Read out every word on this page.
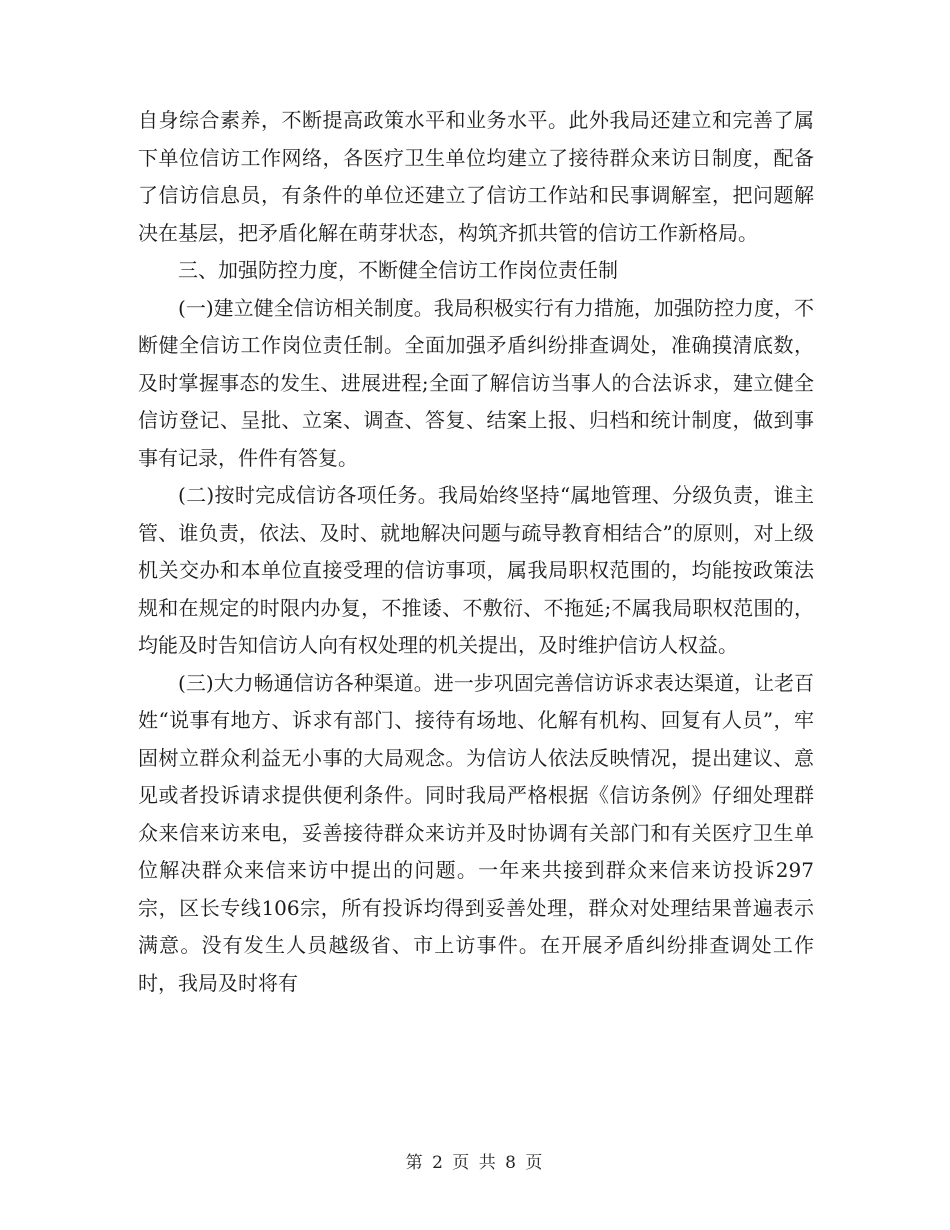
自身综合素养，不断提高政策水平和业务水平。此外我局还建立和完善了属下单位信访工作网络，各医疗卫生单位均建立了接待群众来访日制度，配备了信访信息员，有条件的单位还建立了信访工作站和民事调解室，把问题解决在基层，把矛盾化解在萌芽状态，构筑齐抓共管的信访工作新格局。

三、加强防控力度，不断健全信访工作岗位责任制

(一)建立健全信访相关制度。我局积极实行有力措施，加强防控力度，不断健全信访工作岗位责任制。全面加强矛盾纠纷排查调处，准确摸清底数，及时掌握事态的发生、进展进程;全面了解信访当事人的合法诉求，建立健全信访登记、呈批、立案、调查、答复、结案上报、归档和统计制度，做到事事有记录，件件有答复。

(二)按时完成信访各项任务。我局始终坚持“属地管理、分级负责，谁主管、谁负责，依法、及时、就地解决问题与疏导教育相结合”的原则，对上级机关交办和本单位直接受理的信访事项，属我局职权范围的，均能按政策法规和在规定的时限内办复，不推诿、不敷衍、不拖延;不属我局职权范围的，均能及时告知信访人向有权处理的机关提出，及时维护信访人权益。

(三)大力畅通信访各种渠道。进一步巩固完善信访诉求表达渠道，让老百姓“说事有地方、诉求有部门、接待有场地、化解有机构、回复有人员”，牢固树立群众利益无小事的大局观念。为信访人依法反映情况，提出建议、意见或者投诉请求提供便利条件。同时我局严格根据《信访条例》仔细处理群众来信来访来电，妥善接待群众来访并及时协调有关部门和有关医疗卫生单位解决群众来信来访中提出的问题。一年来共接到群众来信来访投诉297宗，区长专线106宗，所有投诉均得到妥善处理，群众对处理结果普遍表示满意。没有发生人员越级省、市上访事件。在开展矛盾纠纷排查调处工作时，我局及时将有

第 2 页 共 8 页
